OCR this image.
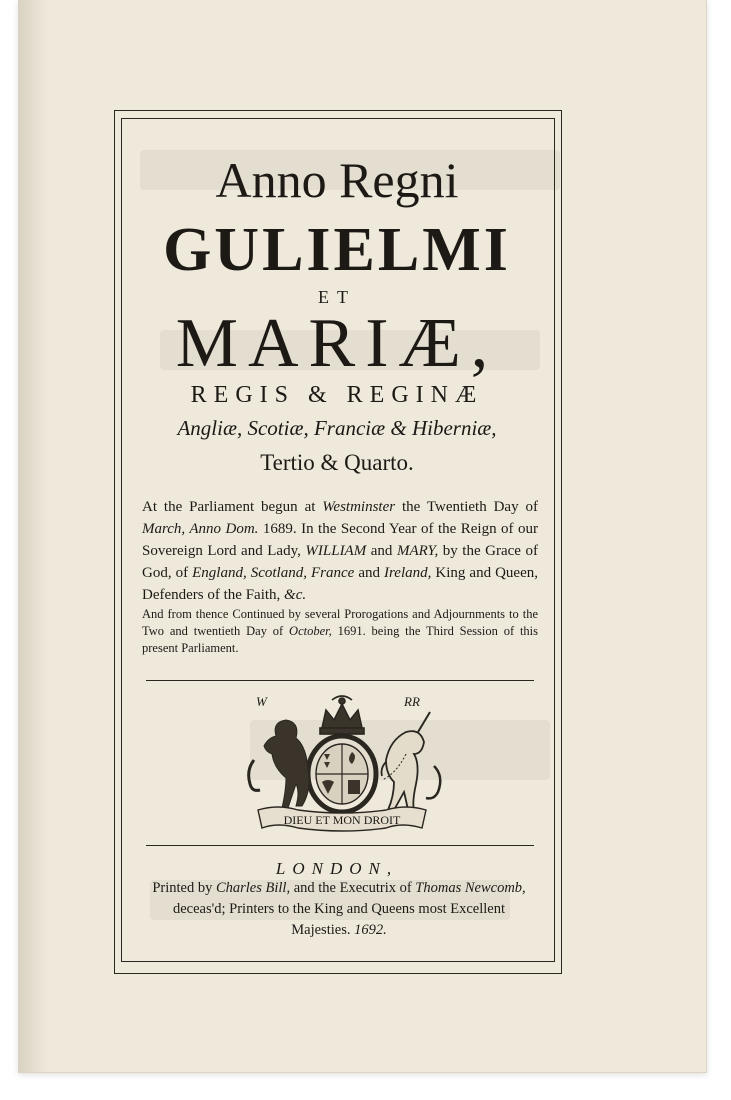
Anno Regni
GULIELMI
ET
MARIÆ,
REGIS & REGINÆ
Angliæ, Scotiæ, Franciæ & Hiberniæ,
Tertio & Quarto.
At the Parliament begun at Westminster the Twentieth Day of March, Anno Dom. 1689. In the Second Year of the Reign of our Sovereign Lord and Lady, WILLIAM and MARY, by the Grace of God, of England, Scotland, France and Ireland, King and Queen, Defenders of the Faith, &c.
And from thence Continued by several Prorogations and Adjournments to the Two and twentieth Day of October, 1691. being the Third Session of this present Parliament.
W	RR
DIEU ET MON DROIT
LONDON,
Printed by Charles Bill, and the Executrix of Thomas Newcomb, deceas'd; Printers to the King and Queens most Excellent Majesties. 1692.
